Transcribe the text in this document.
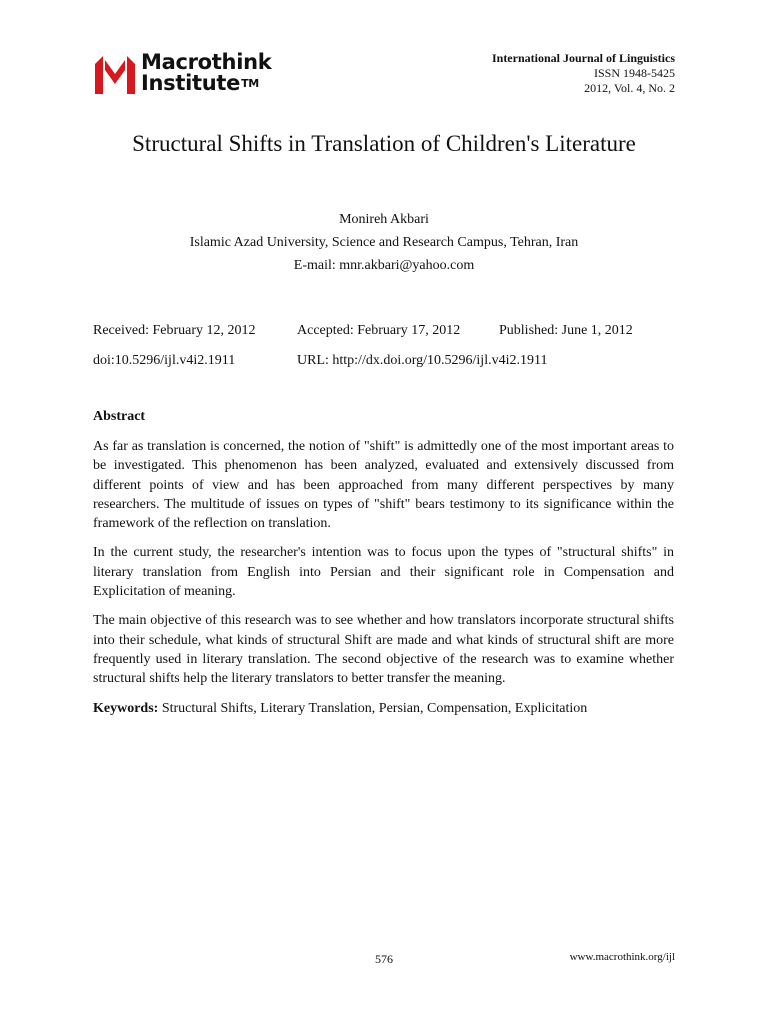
Macrothink
Institute™
International Journal of Linguistics
ISSN 1948-5425
2012, Vol. 4, No. 2
Structural Shifts in Translation of Children's Literature
Monireh Akbari
Islamic Azad University, Science and Research Campus, Tehran, Iran
E-mail: mnr.akbari@yahoo.com
Received: February 12, 2012	Accepted: February 17, 2012	Published: June 1, 2012
doi:10.5296/ijl.v4i2.1911	URL: http://dx.doi.org/10.5296/ijl.v4i2.1911
Abstract

As far as translation is concerned, the notion of "shift" is admittedly one of the most important areas to be investigated. This phenomenon has been analyzed, evaluated and extensively discussed from different points of view and has been approached from many different perspectives by many researchers. The multitude of issues on types of "shift" bears testimony to its significance within the framework of the reflection on translation.

In the current study, the researcher's intention was to focus upon the types of "structural shifts" in literary translation from English into Persian and their significant role in Compensation and Explicitation of meaning.

The main objective of this research was to see whether and how translators incorporate structural shifts into their schedule, what kinds of structural Shift are made and what kinds of structural shift are more frequently used in literary translation. The second objective of the research was to examine whether structural shifts help the literary translators to better transfer the meaning.

Keywords: Structural Shifts, Literary Translation, Persian, Compensation, Explicitation

576	www.macrothink.org/ijl
